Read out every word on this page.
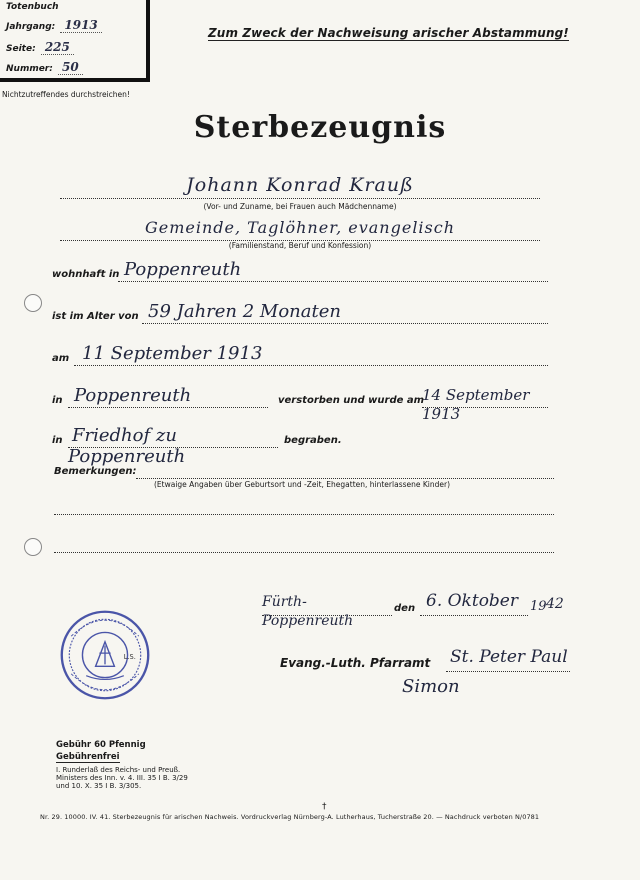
Totenbuch
Jahrgang: 1913
Seite: 225
Nummer: 50
Nichtzutreffendes durchstreichen!
Zum Zweck der Nachweisung arischer Abstammung!
Sterbezeugnis
Johann Konrad Krauß
(Vor- und Zuname, bei Frauen auch Mädchenname)
Gemeinde, Taglöhner, evangelisch
(Familienstand, Beruf und Konfession)
wohnhaft in Poppenreuth
ist im Alter von 59 Jahren 2 Monaten
am 11 September 1913
in Poppenreuth	verstorben und wurde am
14 September 1913
in Friedhof zu Poppenreuth
begraben.
Bemerkungen:
(Etwaige Angaben über Geburtsort und -Zeit, Ehegatten, hinterlassene Kinder)
Fürth-Poppenreuth
den 6. Oktober 19 42
Evang.-Luth. Pfarramt St. Peter Paul
Simon
L.S.
Gebühr 60 Pfennig
Gebührenfrei
I. Runderlaß des Reichs- und Preuß.
Ministers des Inn. v. 4. III. 35 I B. 3/29
und 10. X. 35 I B. 3/305.
†
Nr. 29. 10000. IV. 41. Sterbezeugnis für arischen Nachweis. Vordruckverlag Nürnberg-A. Lutherhaus, Tucherstraße 20. — Nachdruck verboten N/0781
